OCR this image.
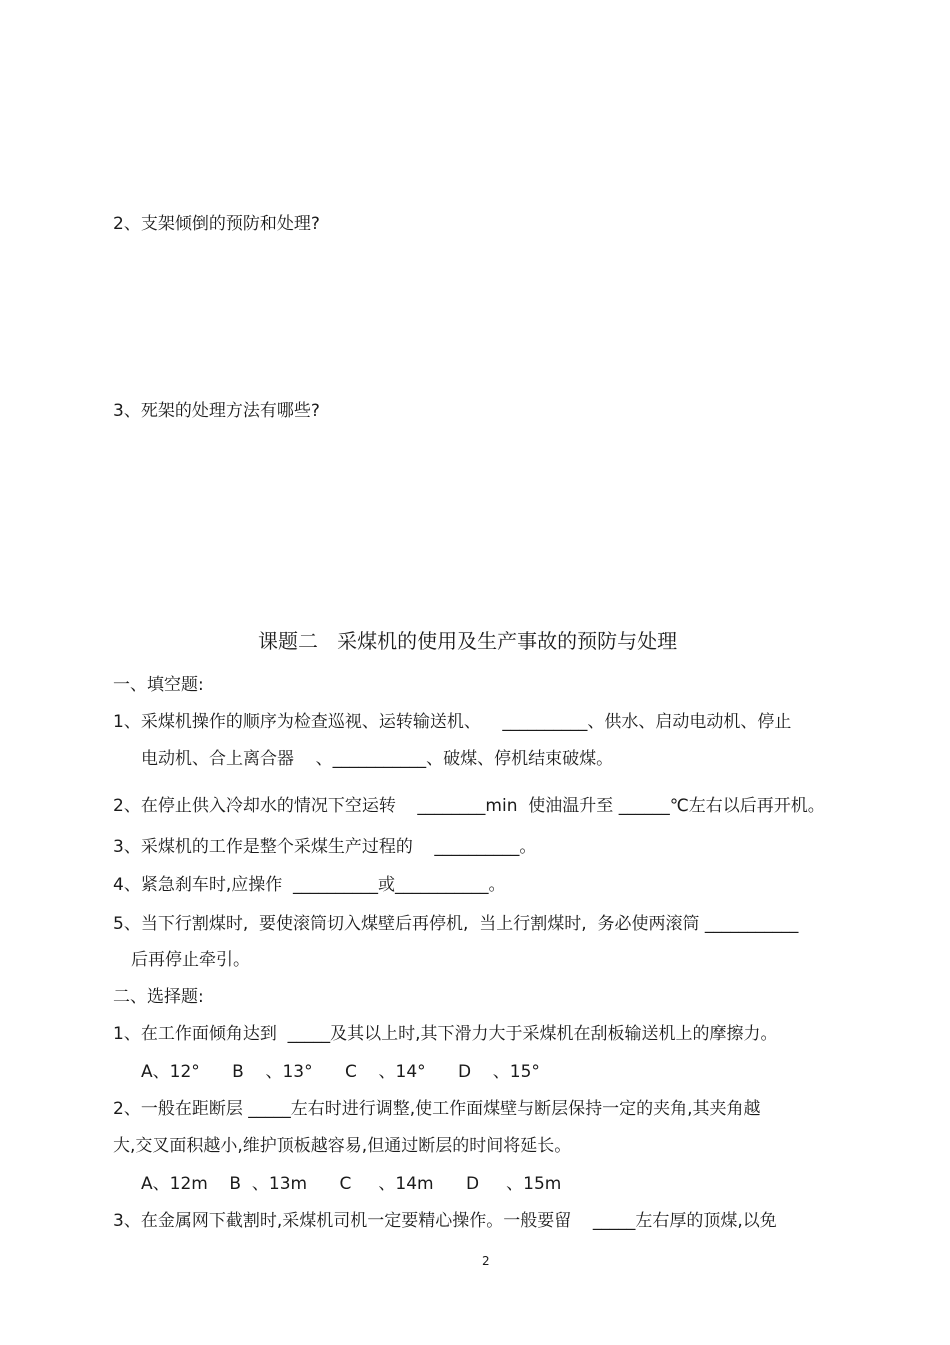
2、支架倾倒的预防和处理?
3、死架的处理方法有哪些?
课题二   采煤机的使用及生产事故的预防与处理
一、填空题:
1、采煤机操作的顺序为检查巡视、运转输送机、    __________、供水、启动电动机、停止
电动机、合上离合器    、___________、破煤、停机结束破煤。
2、在停止供入冷却水的情况下空运转    ________min  使油温升至 ______℃左右以后再开机。
3、采煤机的工作是整个采煤生产过程的    __________。
4、紧急刹车时,应操作  __________或___________。
5、当下行割煤时,  要使滚筒切入煤壁后再停机,  当上行割煤时,  务必使两滚筒 ___________
后再停止牵引。
二、选择题:
1、在工作面倾角达到  _____及其以上时,其下滑力大于采煤机在刮板输送机上的摩擦力。
A、12°      B    、13°      C    、14°      D    、15°
2、一般在距断层 _____左右时进行调整,使工作面煤壁与断层保持一定的夹角,其夹角越
大,交叉面积越小,维护顶板越容易,但通过断层的时间将延长。
A、12m    B  、13m      C     、14m      D     、15m
3、在金属网下截割时,采煤机司机一定要精心操作。一般要留    _____左右厚的顶煤,以免
2
